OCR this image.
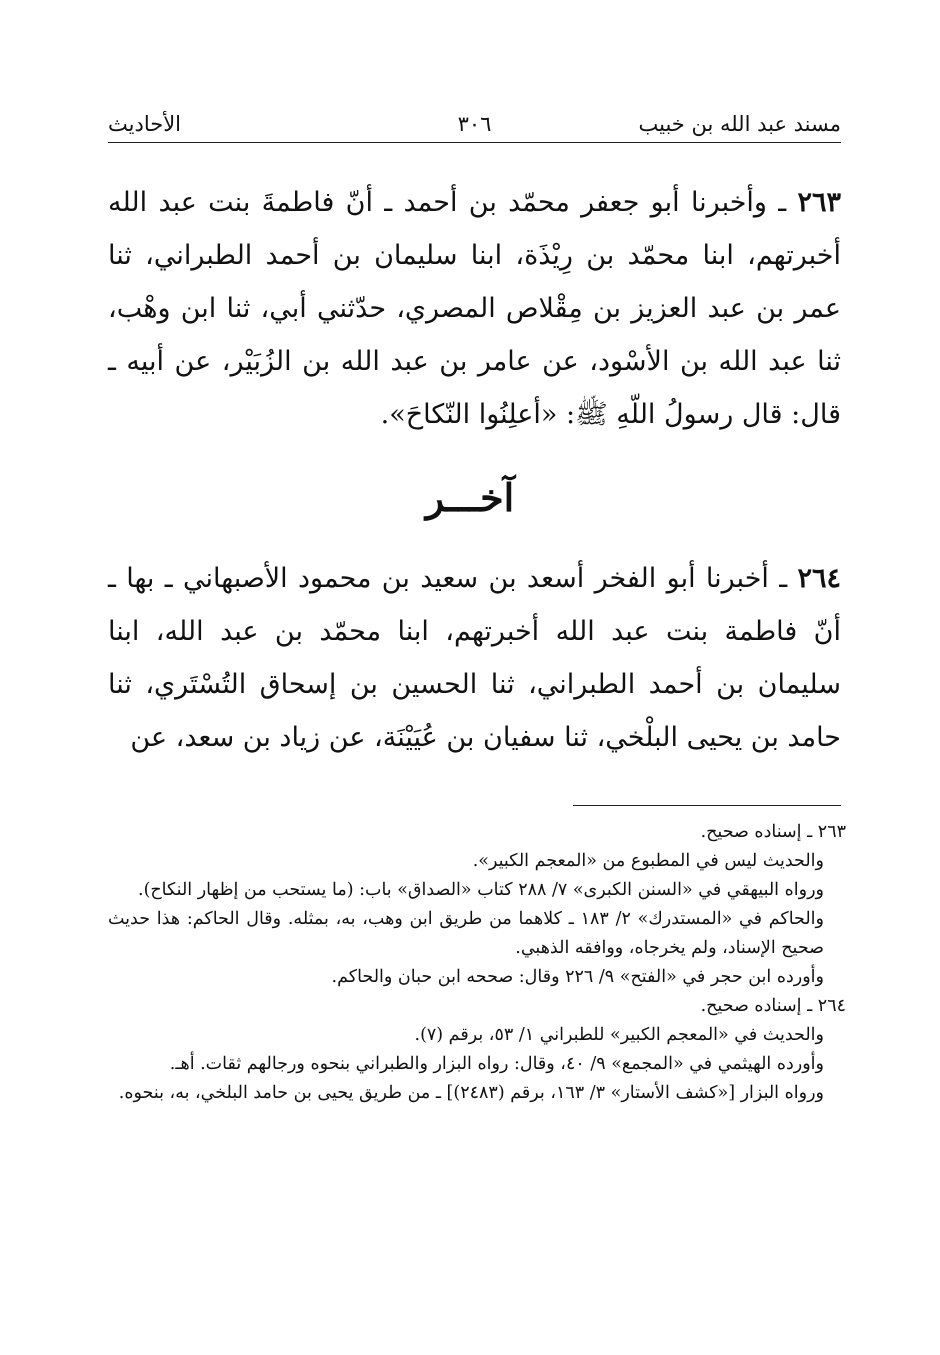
مسند عبد الله بن خبيب
٣٠٦
الأحاديث

٢٦٣ ـ وأخبرنا أبو جعفر محمّد بن أحمد ـ أنّ فاطمةَ بنت عبد الله أخبرتهم، ابنا محمّد بن رِيْذَة، ابنا سليمان بن أحمد الطبراني، ثنا عمر بن عبد العزيز بن مِقْلاص المصري، حدّثني أبي، ثنا ابن وهْب، ثنا عبد الله بن الأسْود، عن عامر بن عبد الله بن الزُبَيْر، عن أبيه ـ قال: قال رسولُ اللّهِ ﷺ: «أعلِنُوا النّكاحَ».

آخـــر

٢٦٤ ـ أخبرنا أبو الفخر أسعد بن سعيد بن محمود الأصبهاني ـ بها ـ أنّ فاطمة بنت عبد الله أخبرتهم، ابنا محمّد بن عبد الله، ابنا سليمان بن أحمد الطبراني، ثنا الحسين بن إسحاق التُسْتَري، ثنا حامد بن يحيى البلْخي، ثنا سفيان بن عُيَيْنَة، عن زياد بن سعد، عن

٢٦٣ ـ إسناده صحيح.

والحديث ليس في المطبوع من «المعجم الكبير».

ورواه البيهقي في «السنن الكبرى» ٧/ ٢٨٨ كتاب «الصداق» باب: (ما يستحب من إظهار النكاح).

والحاكم في «المستدرك» ٢/ ١٨٣ ـ كلاهما من طريق ابن وهب، به، بمثله. وقال الحاكم: هذا حديث صحيح الإسناد، ولم يخرجاه، ووافقه الذهبي.

وأورده ابن حجر في «الفتح» ٩/ ٢٢٦ وقال: صححه ابن حبان والحاكم.

٢٦٤ ـ إسناده صحيح.

والحديث في «المعجم الكبير» للطبراني ١/ ٥٣، برقم (٧).

وأورده الهيثمي في «المجمع» ٩/ ٤٠، وقال: رواه البزار والطبراني بنحوه ورجالهم ثقات. أهـ.

ورواه البزار [«كشف الأستار» ٣/ ١٦٣، برقم (٢٤٨٣)] ـ من طريق يحيى بن حامد البلخي، به، بنحوه.
